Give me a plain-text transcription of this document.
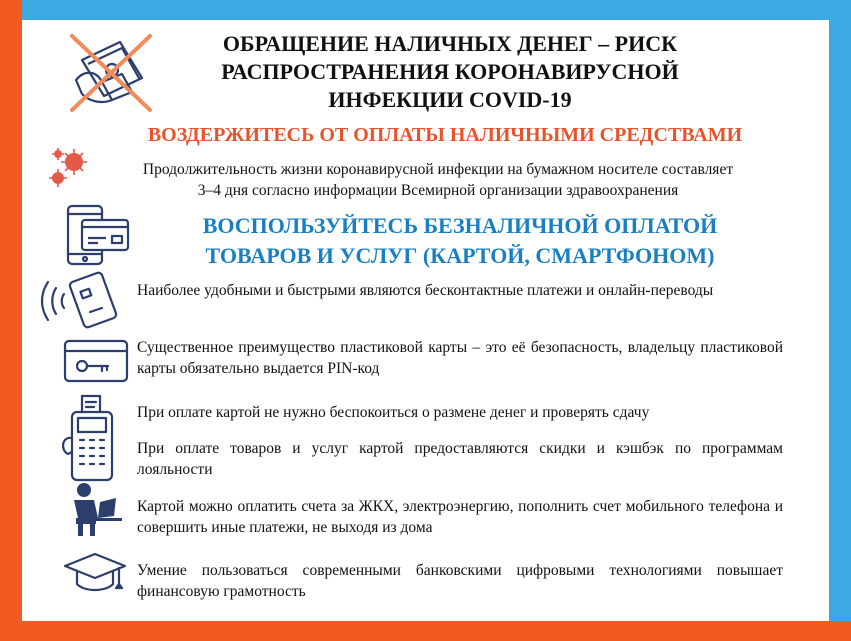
ОБРАЩЕНИЕ НАЛИЧНЫХ ДЕНЕГ – РИСК
РАСПРОСТРАНЕНИЯ КОРОНАВИРУСНОЙ
ИНФЕКЦИИ COVID-19
ВОЗДЕРЖИТЕСЬ ОТ ОПЛАТЫ НАЛИЧНЫМИ СРЕДСТВАМИ
Продолжительность жизни коронавирусной инфекции на бумажном носителе составляет
3–4 дня согласно информации Всемирной организации здравоохранения
ВОСПОЛЬЗУЙТЕСЬ БЕЗНАЛИЧНОЙ ОПЛАТОЙ
ТОВАРОВ И УСЛУГ (КАРТОЙ, СМАРТФОНОМ)
Наиболее удобными и быстрыми являются бесконтактные платежи и онлайн-переводы
Существенное преимущество пластиковой карты – это её безопасность, владельцу пластиковой карты обязательно выдается PIN-код
При оплате картой не нужно беспокоиться о размене денег и проверять сдачу
При оплате товаров и услуг картой предоставляются скидки и кэшбэк по программам лояльности
Картой можно оплатить счета за ЖКХ, электроэнергию, пополнить счет мобильного телефона и совершить иные платежи, не выходя из дома
Умение пользоваться современными банковскими цифровыми технологиями повышает финансовую грамотность
